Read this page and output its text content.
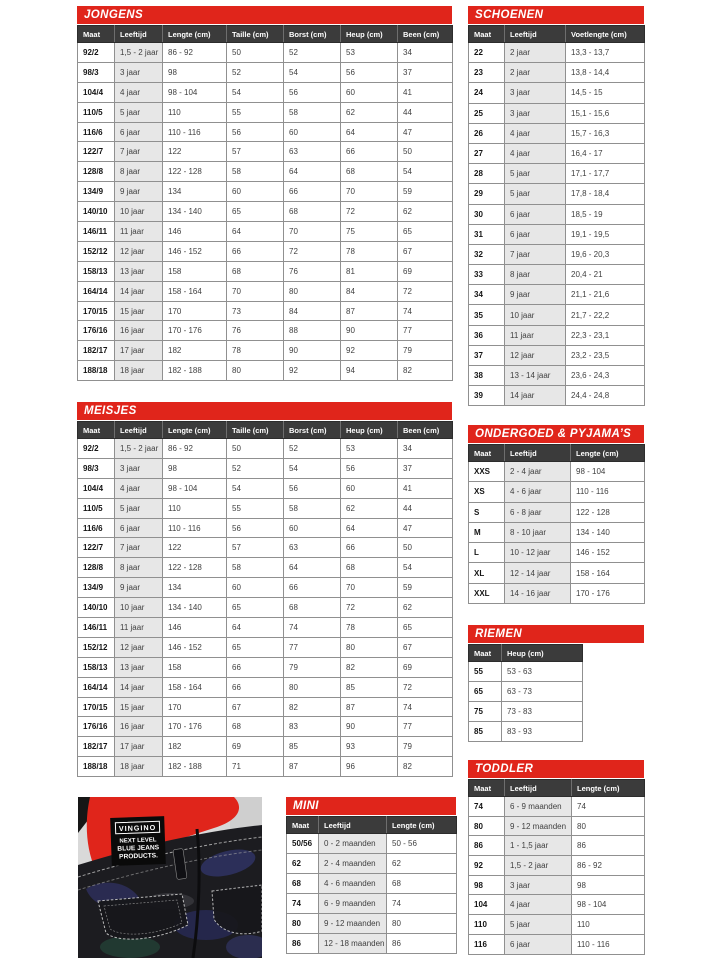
JONGENS
Maat	Leeftijd	Lengte (cm)	Taille (cm)	Borst (cm)	Heup (cm)	Been (cm)
92/2	1,5 - 2 jaar	86 - 92	50	52	53	34
98/3	3 jaar	98	52	54	56	37
104/4	4 jaar	98 - 104	54	56	60	41
110/5	5 jaar	110	55	58	62	44
116/6	6 jaar	110 - 116	56	60	64	47
122/7	7 jaar	122	57	63	66	50
128/8	8 jaar	122 - 128	58	64	68	54
134/9	9 jaar	134	60	66	70	59
140/10	10 jaar	134 - 140	65	68	72	62
146/11	11 jaar	146	64	70	75	65
152/12	12 jaar	146 - 152	66	72	78	67
158/13	13 jaar	158	68	76	81	69
164/14	14 jaar	158 - 164	70	80	84	72
170/15	15 jaar	170	73	84	87	74
176/16	16 jaar	170 - 176	76	88	90	77
182/17	17 jaar	182	78	90	92	79
188/18	18 jaar	182 - 188	80	92	94	82
MEISJES
Maat	Leeftijd	Lengte (cm)	Taille (cm)	Borst (cm)	Heup (cm)	Been (cm)
92/2	1,5 - 2 jaar	86 - 92	50	52	53	34
98/3	3 jaar	98	52	54	56	37
104/4	4 jaar	98 - 104	54	56	60	41
110/5	5 jaar	110	55	58	62	44
116/6	6 jaar	110 - 116	56	60	64	47
122/7	7 jaar	122	57	63	66	50
128/8	8 jaar	122 - 128	58	64	68	54
134/9	9 jaar	134	60	66	70	59
140/10	10 jaar	134 - 140	65	68	72	62
146/11	11 jaar	146	64	74	78	65
152/12	12 jaar	146 - 152	65	77	80	67
158/13	13 jaar	158	66	79	82	69
164/14	14 jaar	158 - 164	66	80	85	72
170/15	15 jaar	170	67	82	87	74
176/16	16 jaar	170 - 176	68	83	90	77
182/17	17 jaar	182	69	85	93	79
188/18	18 jaar	182 - 188	71	87	96	82
SCHOENEN
Maat	Leeftijd	Voetlengte (cm)
22	2 jaar	13,3 - 13,7
23	2 jaar	13,8 - 14,4
24	3 jaar	14,5 - 15
25	3 jaar	15,1 - 15,6
26	4 jaar	15,7 - 16,3
27	4 jaar	16,4 - 17
28	5 jaar	17,1 - 17,7
29	5 jaar	17,8 - 18,4
30	6 jaar	18,5 - 19
31	6 jaar	19,1 - 19,5
32	7 jaar	19,6 - 20,3
33	8 jaar	20,4 - 21
34	9 jaar	21,1 - 21,6
35	10 jaar	21,7 - 22,2
36	11 jaar	22,3 - 23,1
37	12 jaar	23,2 - 23,5
38	13 - 14 jaar	23,6 - 24,3
39	14 jaar	24,4 - 24,8
ONDERGOED & PYJAMA’S
Maat	Leeftijd	Lengte (cm)
XXS	2 - 4 jaar	98 - 104
XS	4 - 6 jaar	110 - 116
S	6 - 8 jaar	122 - 128
M	8 - 10 jaar	134 - 140
L	10 - 12 jaar	146 - 152
XL	12 - 14 jaar	158 - 164
XXL	14 - 16 jaar	170 - 176
RIEMEN
Maat	Heup (cm)
55	53 - 63
65	63 - 73
75	73 - 83
85	83 - 93
TODDLER
Maat	Leeftijd	Lengte (cm)
74	6 - 9 maanden	74
80	9 - 12 maanden	80
86	1 - 1,5 jaar	86
92	1,5 - 2 jaar	86 - 92
98	3 jaar	98
104	4 jaar	98 - 104
110	5 jaar	110
116	6 jaar	110 - 116
MINI
Maat	Leeftijd	Lengte (cm)
50/56	0 - 2 maanden	50 - 56
62	2 - 4 maanden	62
68	4 - 6 maanden	68
74	6 - 9 maanden	74
80	9 - 12 maanden	80
86	12 - 18 maanden	86
VINGINO
NEXT LEVEL
BLUE JEANS
PRODUCTS.
